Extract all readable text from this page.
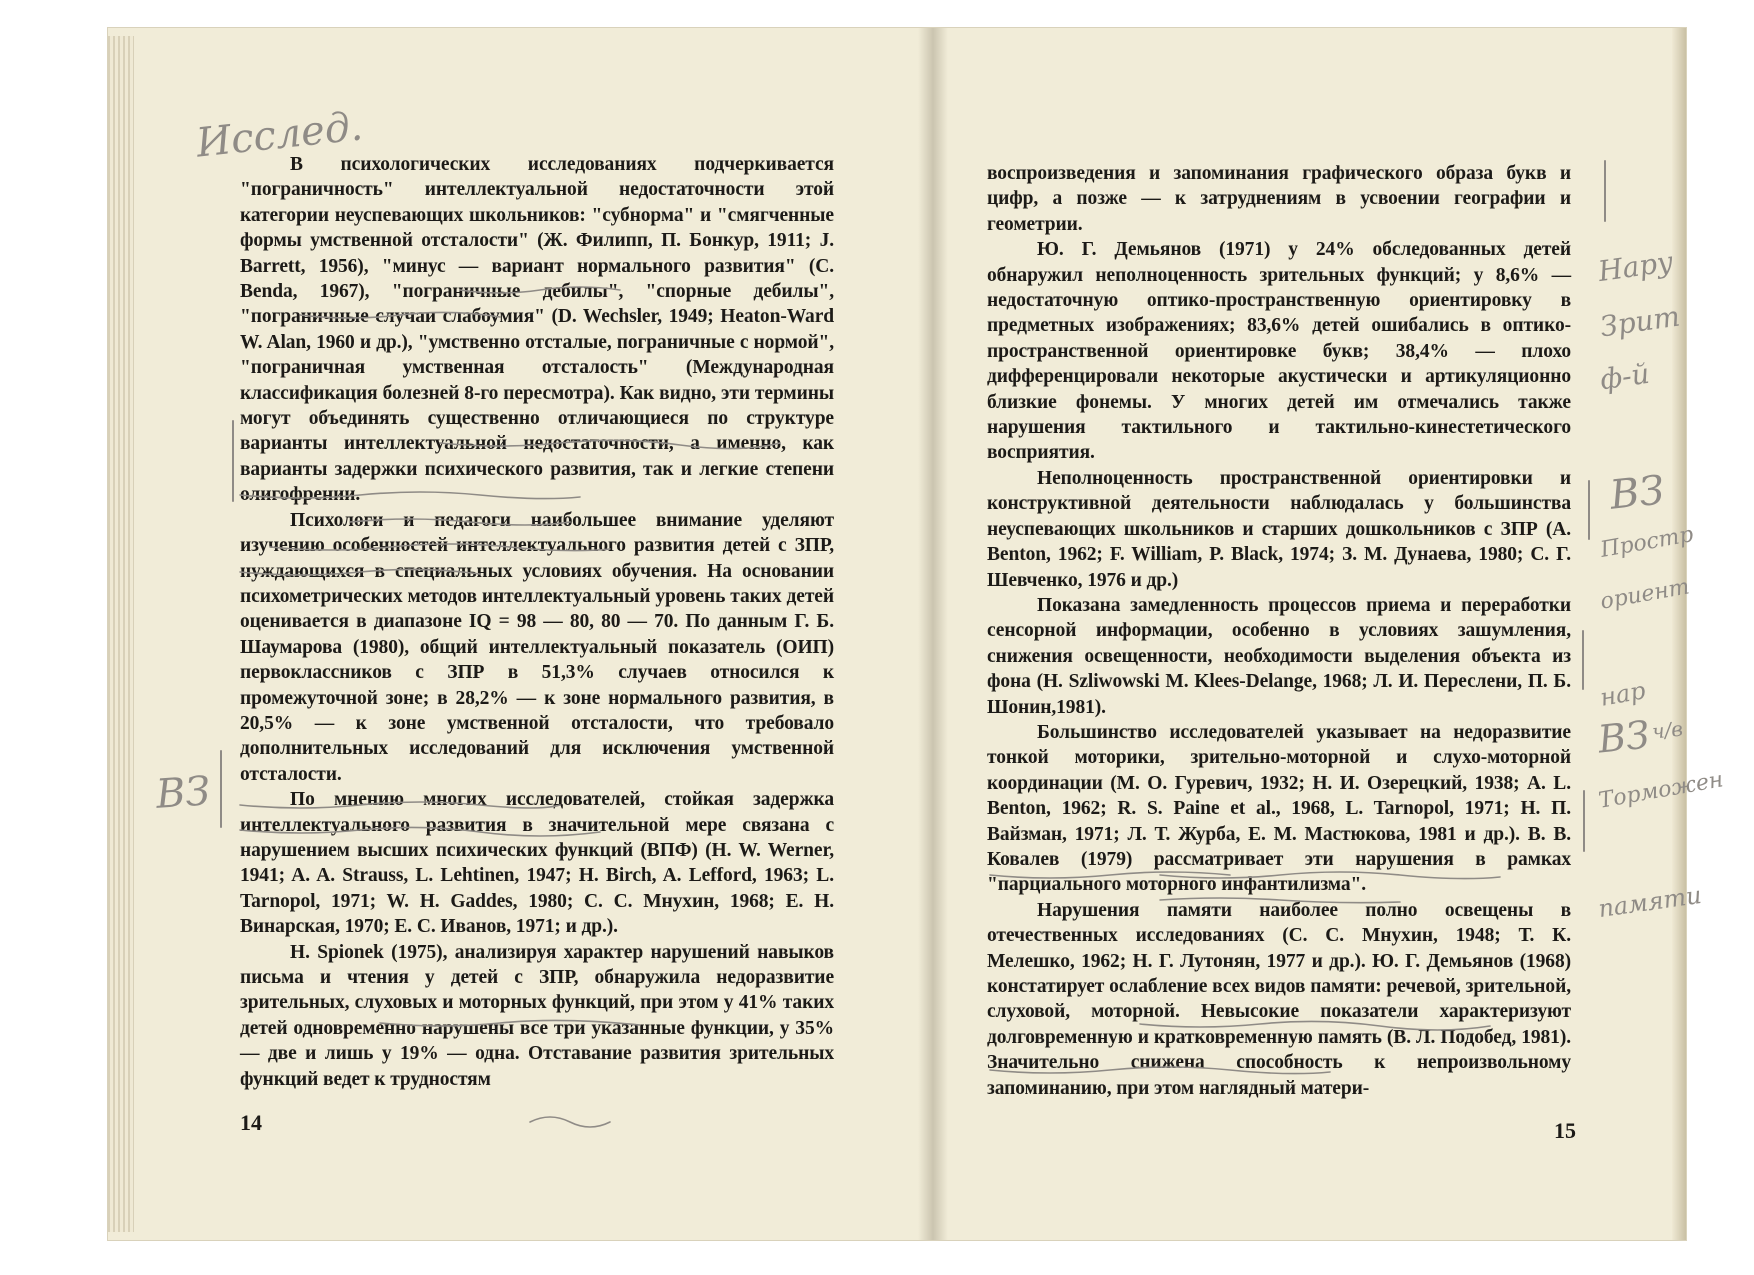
В психологических исследованиях подчеркивается "пограничность" интеллектуальной недостаточности этой категории неуспевающих школьников: "субнорма" и "смягченные формы умственной отсталости" (Ж. Филипп, П. Бонкур, 1911; J. Barrett, 1956), "минус — вариант нормального развития" (C. Benda, 1967), "пограничные дебилы", "спорные дебилы", "пограничные случаи слабоумия" (D. Wechsler, 1949; Heaton-Ward W. Alan, 1960 и др.), "умственно отсталые, пограничные с нормой", "пограничная умственная отсталость" (Международная классификация болезней 8-го пересмотра). Как видно, эти термины могут объединять существенно отличающиеся по структуре варианты интеллектуальной недостаточности, а именно, как варианты задержки психического развития, так и легкие степени олигофрении.

Психологи и педагоги наибольшее внимание уделяют изучению особенностей интеллектуального развития детей с ЗПР, нуждающихся в специальных условиях обучения. На основании психометрических методов интеллектуальный уровень таких детей оценивается в диапазоне IQ = 98 — 80, 80 — 70. По данным Г. Б. Шаумарова (1980), общий интеллектуальный показатель (ОИП) первоклассников с ЗПР в 51,3% случаев относился к промежуточной зоне; в 28,2% — к зоне нормального развития, в 20,5% — к зоне умственной отсталости, что требовало дополнительных исследований для исключения умственной отсталости.

По мнению многих исследователей, стойкая задержка интеллектуального развития в значительной мере связана с нарушением высших психических функций (ВПФ) (H. W. Werner, 1941; A. A. Strauss, L. Lehtinen, 1947; H. Birch, A. Lefford, 1963; L. Tarnopol, 1971; W. H. Gaddes, 1980; С. С. Мнухин, 1968; Е. Н. Винарская, 1970; Е. С. Иванов, 1971; и др.).

H. Spionek (1975), анализируя характер нарушений навыков письма и чтения у детей с ЗПР, обнаружила недоразвитие зрительных, слуховых и моторных функций, при этом у 41% таких детей одновременно нарушены все три указанные функции, у 35% — две и лишь у 19% — одна. Отставание развития зрительных функций ведет к трудностям

14

воспроизведения и запоминания графического образа букв и цифр, а позже — к затруднениям в усвоении географии и геометрии.

Ю. Г. Демьянов (1971) у 24% обследованных детей обнаружил неполноценность зрительных функций; у 8,6% — недостаточную оптико-пространственную ориентировку в предметных изображениях; 83,6% детей ошибались в оптико-пространственной ориентировке букв; 38,4% — плохо дифференцировали некоторые акустически и артикуляционно близкие фонемы. У многих детей им отмечались также нарушения тактильного и тактильно-кинестетического восприятия.

Неполноценность пространственной ориентировки и конструктивной деятельности наблюдалась у большинства неуспевающих школьников и старших дошкольников с ЗПР (A. Benton, 1962; F. William, P. Black, 1974; З. М. Дунаева, 1980; С. Г. Шевченко, 1976 и др.)

Показана замедленность процессов приема и переработки сенсорной информации, особенно в условиях зашумления, снижения освещенности, необходимости выделения объекта из фона (H. Szliwowski M. Klees-Delange, 1968; Л. И. Переслени, П. Б. Шонин,1981).

Большинство исследователей указывает на недоразвитие тонкой моторики, зрительно-моторной и слухо-моторной координации (М. О. Гуревич, 1932; Н. И. Озерецкий, 1938; A. L. Benton, 1962; R. S. Paine et al., 1968, L. Tarnopol, 1971; Н. П. Вайзман, 1971; Л. Т. Журба, Е. М. Мастюкова, 1981 и др.). В. В. Ковалев (1979) рассматривает эти нарушения в рамках "парциального моторного инфантилизма".

Нарушения памяти наиболее полно освещены в отечественных исследованиях (С. С. Мнухин, 1948; Т. К. Мелешко, 1962; Н. Г. Лутонян, 1977 и др.). Ю. Г. Демьянов (1968) констатирует ослабление всех видов памяти: речевой, зрительной, слуховой, моторной. Невысокие показатели характеризуют долговременную и кратковременную память (В. Л. Подобед, 1981). Значительно снижена способность к непроизвольному запоминанию, при этом наглядный матери-

15
Исслед.
ВЗ
Нару
Зрит
ф-й
ВЗ
Простр
ориент
нар
ВЗ ч/в
Торможен
памяти
